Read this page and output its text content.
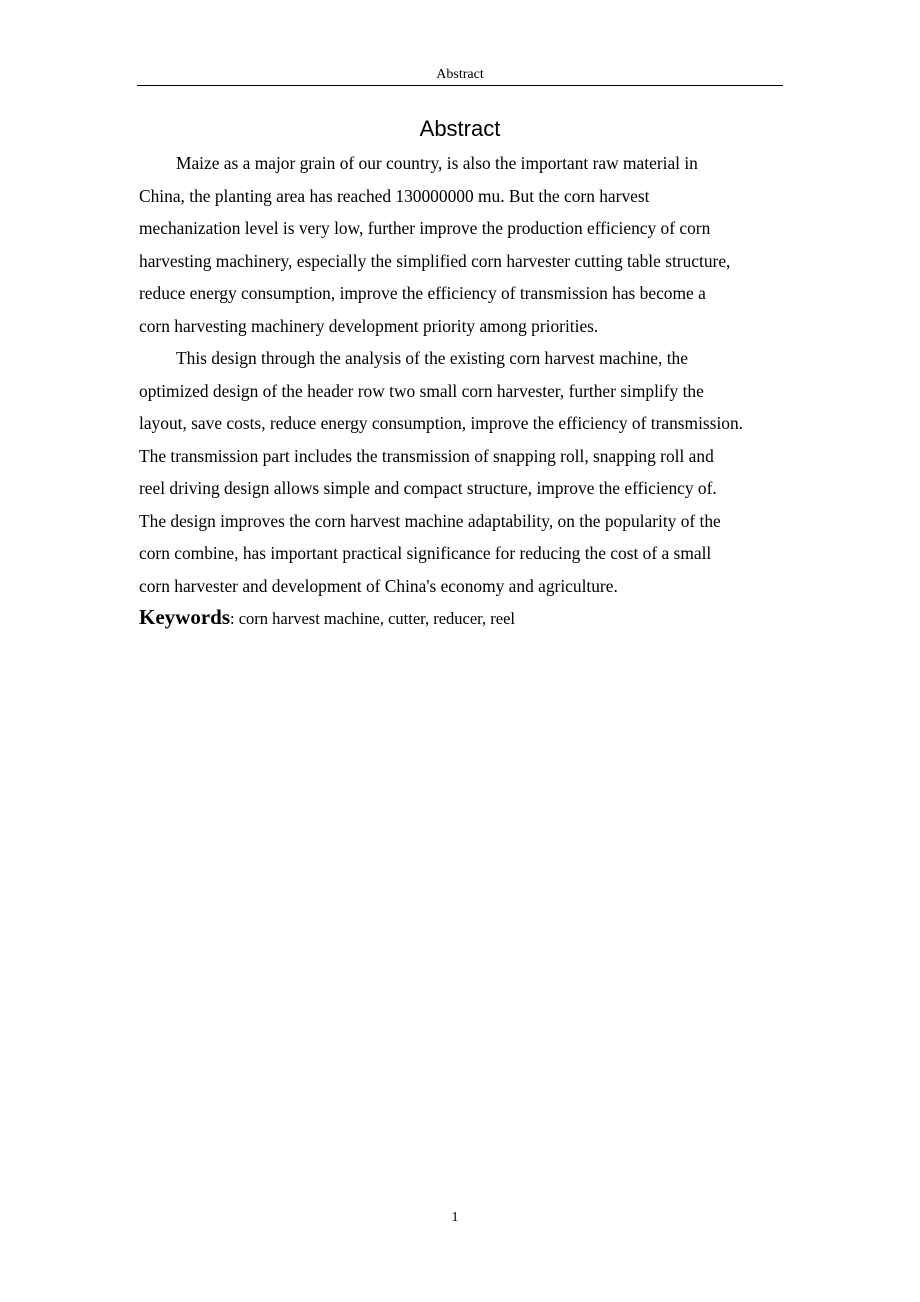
Abstract
Abstract

Maize as a major grain of our country, is also the important raw material in
China, the planting area has reached 130000000 mu. But the corn harvest
mechanization level is very low, further improve the production efficiency of corn
harvesting machinery, especially the simplified corn harvester cutting table structure,
reduce energy consumption, improve the efficiency of transmission has become a
corn harvesting machinery development priority among priorities.

This design through the analysis of the existing corn harvest machine, the
optimized design of the header row two small corn harvester, further simplify the
layout, save costs, reduce energy consumption, improve the efficiency of transmission.
The transmission part includes the transmission of snapping roll, snapping roll and
reel driving design allows simple and compact structure, improve the efficiency of.
The design improves the corn harvest machine adaptability, on the popularity of the
corn combine, has important practical significance for reducing the cost of a small
corn harvester and development of China's economy and agriculture.

Keywords: corn harvest machine, cutter, reducer, reel
1
